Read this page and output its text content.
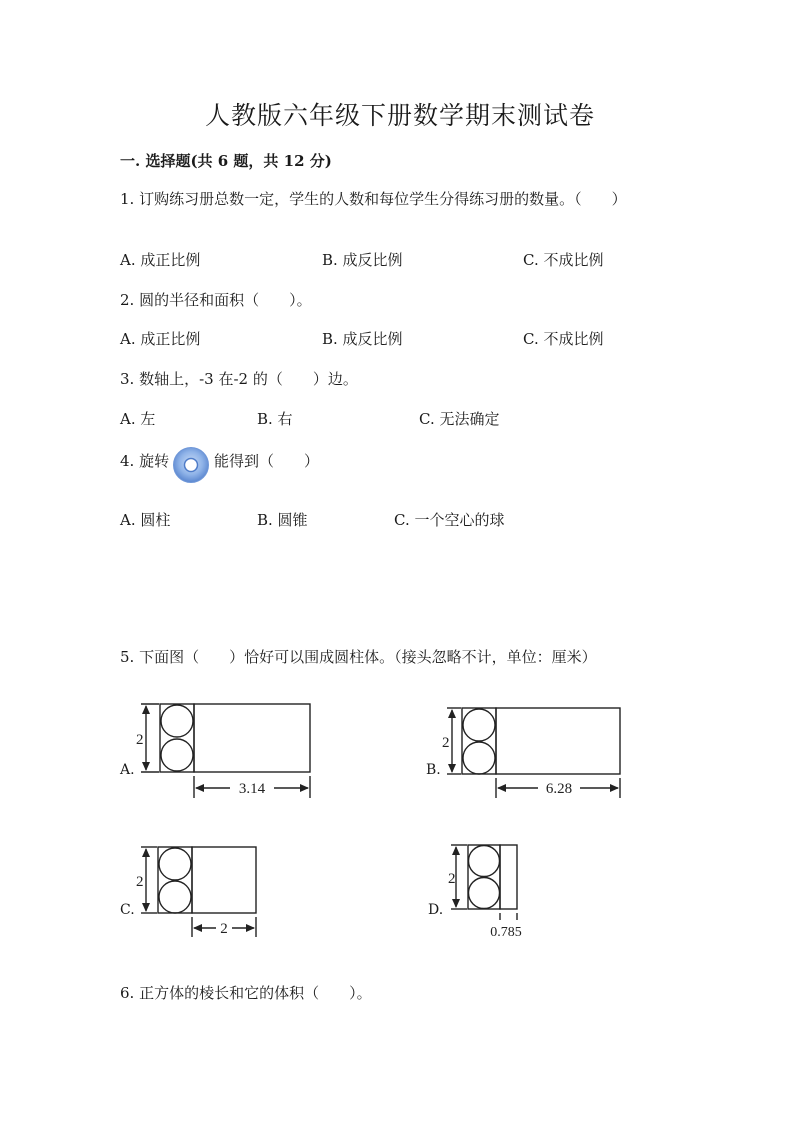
人教版六年级下册数学期末测试卷
一. 选择题(共 6 题，共 12 分)
1. 订购练习册总数一定，学生的人数和每位学生分得练习册的数量。（　　）
A. 成正比例	B. 成反比例	C. 不成比例
2. 圆的半径和面积（　　）。
A. 成正比例	B. 成反比例	C. 不成比例
3. 数轴上，-3 在-2 的（　　）边。
A. 左	B. 右	C. 无法确定
4. 旋转	能得到（　　）
A. 圆柱	B. 圆锥	C. 一个空心的球
5. 下面图（　　）恰好可以围成圆柱体。（接头忽略不计，单位：厘米）
A.
2
3.14
B.
2
6.28
C.
2
2
D.
2
0.785
6. 正方体的棱长和它的体积（　　）。
